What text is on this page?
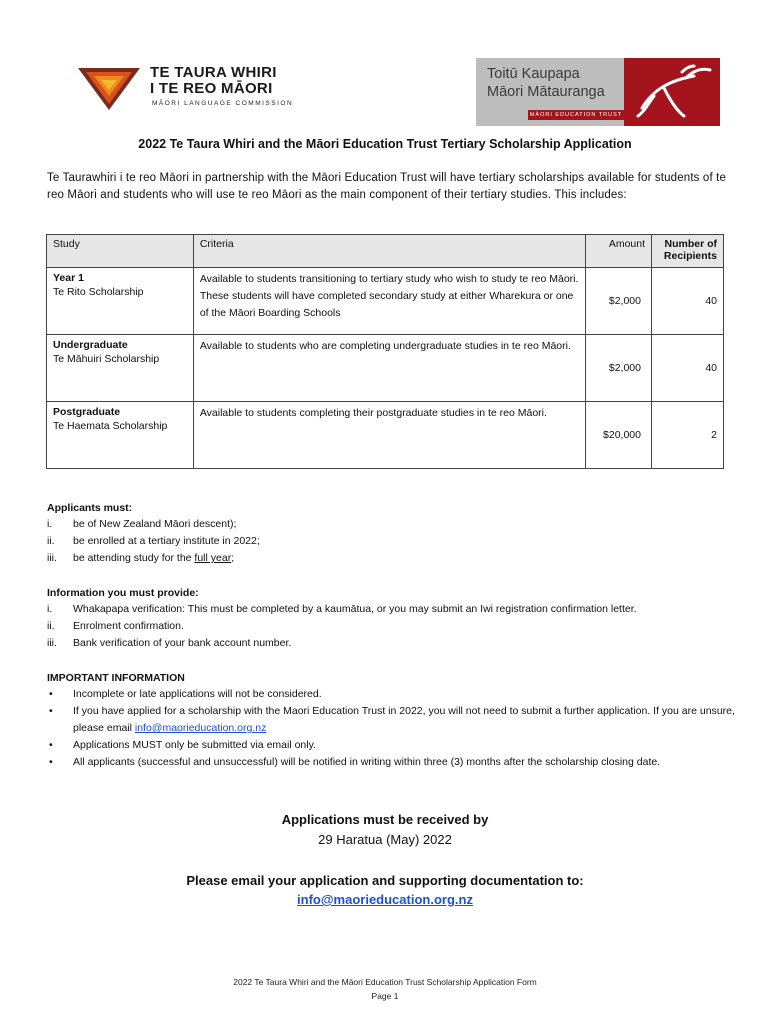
TE TAURA WHIRI
I TE REO MĀORI
MĀORI LANGUAGE COMMISSION
Toitū Kaupapa
Māori Mātauranga
MĀORI EDUCATION TRUST
2022 Te Taura Whiri and the Māori Education Trust Tertiary Scholarship Application
Te Taurawhiri i te reo Māori in partnership with the Māori Education Trust will have tertiary scholarships available for students of te reo Māori and students who will use te reo Māori as the main component of their tertiary studies. This includes:
Study	Criteria	Amount	Number of Recipients

Year 1
Te Rito Scholarship	Available to students transitioning to tertiary study who wish to study te reo Māori. These students will have completed secondary study at either Wharekura or one of the Māori Boarding Schools	$2,000	40

Undergraduate
Te Māhuiri Scholarship	Available to students who are completing undergraduate studies in te reo Māori.	$2,000	40

Postgraduate
Te Haemata Scholarship	Available to students completing their postgraduate studies in te reo Māori.	$20,000	2
Applicants must:
i. be of New Zealand Māori descent);
ii. be enrolled at a tertiary institute in 2022;
iii. be attending study for the full year;
Information you must provide:
i. Whakapapa verification: This must be completed by a kaumātua, or you may submit an Iwi registration confirmation letter.
ii. Enrolment confirmation.
iii. Bank verification of your bank account number.
IMPORTANT INFORMATION
• Incomplete or late applications will not be considered.
• If you have applied for a scholarship with the Maori Education Trust in 2022, you will not need to submit a further application. If you are unsure, please email info@maorieducation.org.nz
• Applications MUST only be submitted via email only.
• All applicants (successful and unsuccessful) will be notified in writing within three (3) months after the scholarship closing date.
Applications must be received by
29 Haratua (May) 2022
Please email your application and supporting documentation to:
info@maorieducation.org.nz
2022 Te Taura Whiri and the Māori Education Trust Scholarship Application Form
Page 1
